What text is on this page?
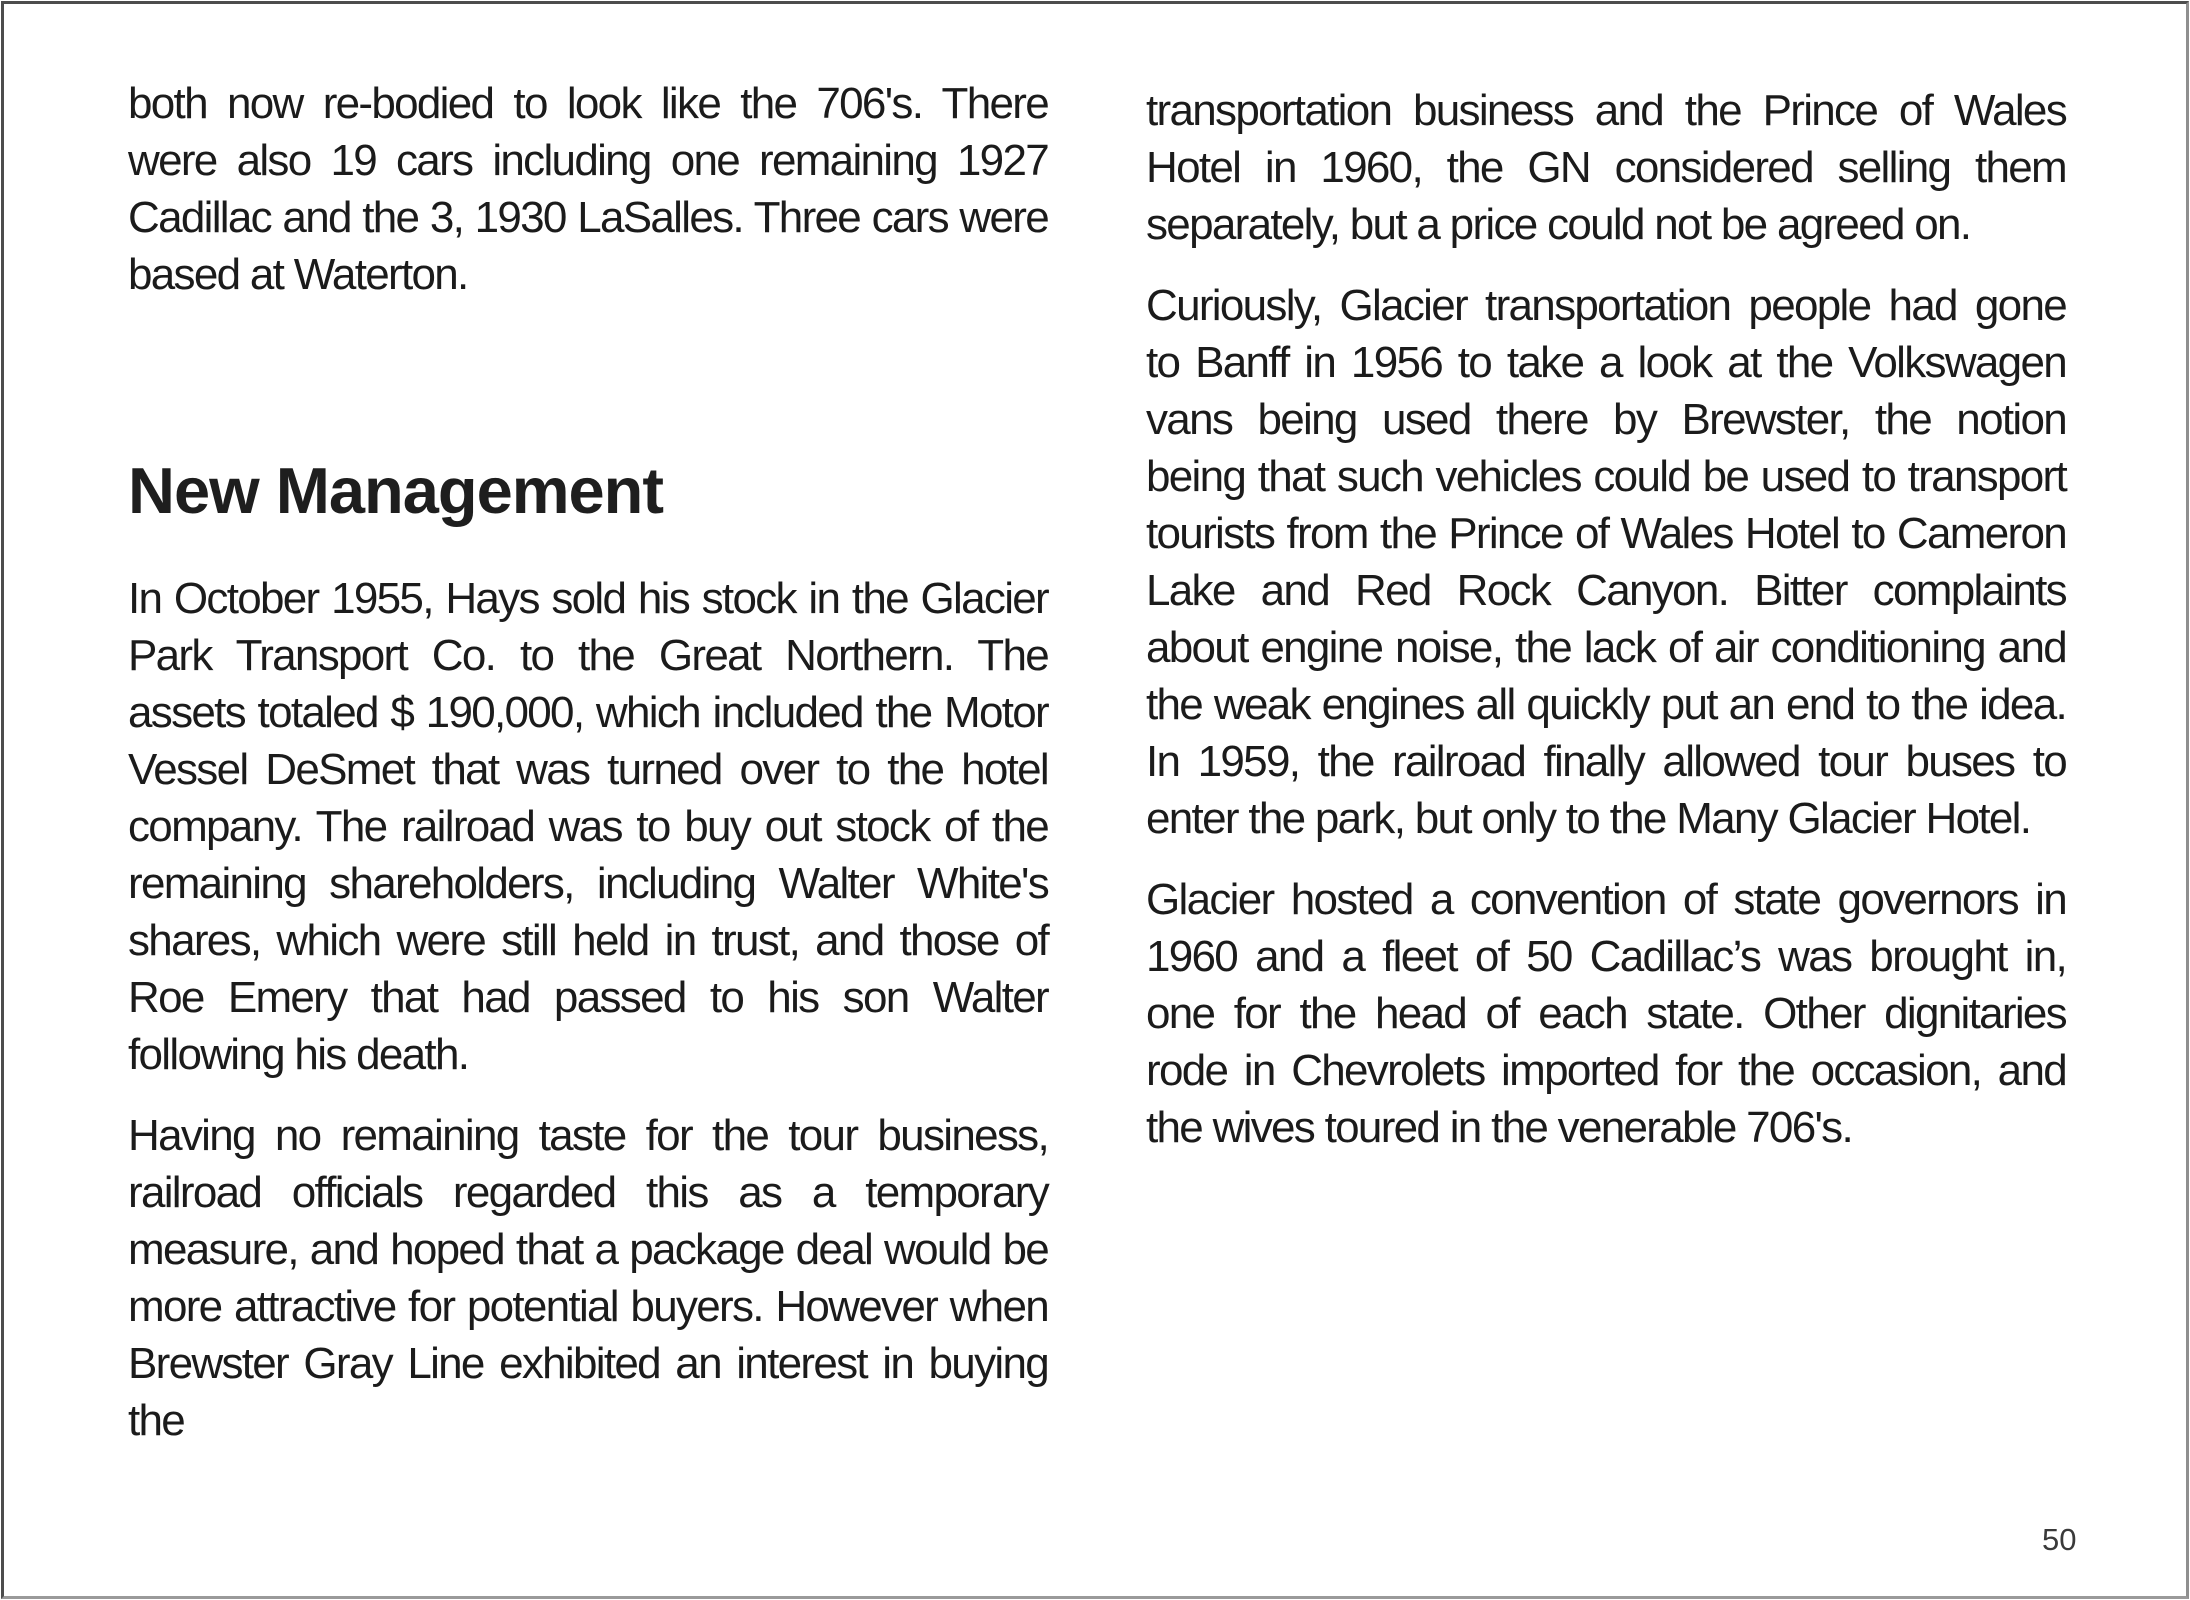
both now re-bodied to look like the 706's. There were also 19 cars including one remaining 1927 Cadillac and the 3, 1930 LaSalles. Three cars were based at Waterton.

New Management

In October 1955, Hays sold his stock in the Glacier Park Transport Co. to the Great Northern. The assets totaled $ 190,000, which included the Motor Vessel DeSmet that was turned over to the hotel company. The railroad was to buy out stock of the remaining shareholders, including Walter White's shares, which were still held in trust, and those of Roe Emery that had passed to his son Walter following his death.

Having no remaining taste for the tour business, railroad officials regarded this as a temporary measure, and hoped that a package deal would be more attractive for potential buyers. However when Brewster Gray Line exhibited an interest in buying the

transportation business and the Prince of Wales Hotel in 1960, the GN considered selling them separately, but a price could not be agreed on.

Curiously, Glacier transportation people had gone to Banff in 1956 to take a look at the Volkswagen vans being used there by Brewster, the notion being that such vehicles could be used to transport tourists from the Prince of Wales Hotel to Cameron Lake and Red Rock Canyon. Bitter complaints about engine noise, the lack of air conditioning and the weak engines all quickly put an end to the idea. In 1959, the railroad finally allowed tour buses to enter the park, but only to the Many Glacier Hotel.

Glacier hosted a convention of state governors in 1960 and a fleet of 50 Cadillac’s was brought in, one for the head of each state. Other dignitaries rode in Chevrolets imported for the occasion, and the wives toured in the venerable 706's.

50
